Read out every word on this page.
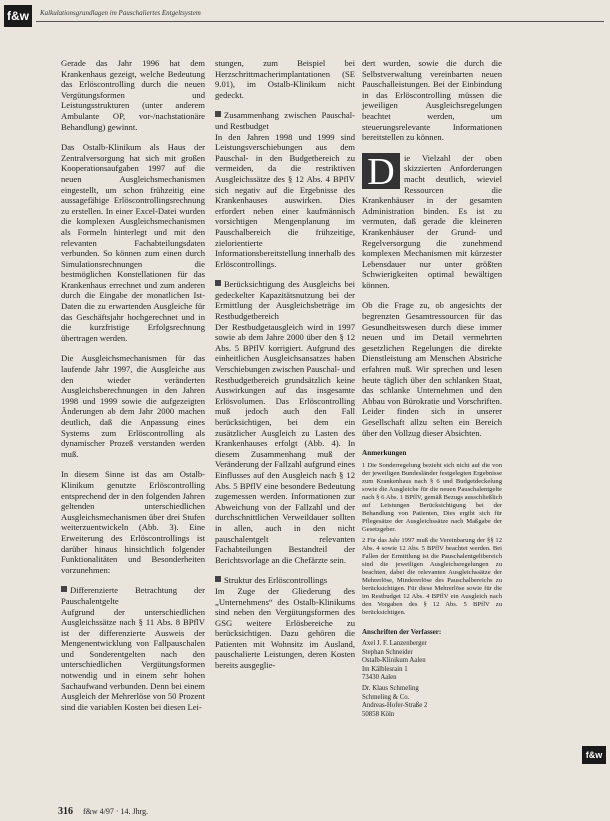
f&w	Kalkulationsgrundlagen im Pauschaliertes Entgeltsystem

Gerade das Jahr 1996 hat dem Krankenhaus gezeigt, welche Bedeutung das Erlöscontrolling durch die neuen Vergütungsformen und Leistungsstrukturen (unter anderem Ambulante OP, vor-/nachstationäre Behandlung) gewinnt.

Das Ostalb-Klinikum als Haus der Zentralversorgung hat sich mit großen Kooperationsaufgaben 1997 auf die neuen Ausgleichsmechanismen eingestellt, um schon frühzeitig eine aussagefähige Erlöscontrollingsrechnung zu erstellen. In einer Excel-Datei wurden die komplexen Ausgleichsmechanismen als Formeln hinterlegt und mit den relevanten Fachabteilungsdaten verbunden. So können zum einen durch Simulationsrechnungen die bestmöglichen Konstellationen für das Krankenhaus errechnet und zum anderen durch die Eingabe der monatlichen Ist-Daten die zu erwartenden Ausgleiche für das Geschäftsjahr hochgerechnet und in die kurzfristige Erfolgsrechnung übertragen werden.

Die Ausgleichsmechanismen für das laufende Jahr 1997, die Ausgleiche aus den wieder veränderten Ausgleichsberechnungen in den Jahren 1998 und 1999 sowie die aufgezeigten Änderungen ab dem Jahr 2000 machen deutlich, daß die Anpassung eines Systems zum Erlöscontrolling als dynamischer Prozeß verstanden werden muß.

In diesem Sinne ist das am Ostalb-Klinikum genutzte Erlöscontrolling entsprechend der in den folgenden Jahren geltenden unterschiedlichen Ausgleichsmechanismen über drei Stufen weiterzuentwickeln (Abb. 3). Eine Erweiterung des Erlöscontrollings ist darüber hinaus hinsichtlich folgender Funktionalitäten und Besonderheiten vorzunehmen:

Differenzierte Betrachtung der Pauschalentgelte

Aufgrund der unterschiedlichen Ausgleichssätze nach § 11 Abs. 8 BPflV ist der differenzierte Ausweis der Mengenentwicklung von Fallpauschalen und Sonderentgelten nach den unterschiedlichen Vergütungsformen notwendig und in einem sehr hohen Sachaufwand verbunden. Denn bei einem Ausgleich der Mehrerlöse von 50 Prozent sind die variablen Kosten bei diesen Lei-

stungen, zum Beispiel bei Herzschrittmacherimplantationen (SE 9.01), im Ostalb-Klinikum nicht gedeckt.

Zusammenhang zwischen Pauschal- und Restbudget

In den Jahren 1998 und 1999 sind Leistungsverschiebungen aus dem Pauschal- in den Budgetbereich zu vermeiden, da die restriktiven Ausgleichssätze des § 12 Abs. 4 BPflV sich negativ auf die Ergebnisse des Krankenhauses auswirken. Dies erfordert neben einer kaufmännisch vorsichtigen Mengenplanung im Pauschalbereich die frühzeitige, zielorientierte Informationsbereitstellung innerhalb des Erlöscontrollings.

Berücksichtigung des Ausgleichs bei gedeckelter Kapazitätsnutzung bei der Ermittlung der Ausgleichsbeträge im Restbudgetbereich

Der Restbudgetausgleich wird in 1997 sowie ab dem Jahre 2000 über den § 12 Abs. 5 BPflV korrigiert. Aufgrund des einheitlichen Ausgleichsansatzes haben Verschiebungen zwischen Pauschal- und Restbudgetbereich grundsätzlich keine Auswirkungen auf das insgesamte Erlösvolumen. Das Erlöscontrolling muß jedoch auch den Fall berücksichtigen, bei dem ein zusätzlicher Ausgleich zu Lasten des Krankenhauses erfolgt (Abb. 4). In diesem Zusammenhang muß der Veränderung der Fallzahl aufgrund eines Einflusses auf den Ausgleich nach § 12 Abs. 5 BPflV eine besondere Bedeutung zugemessen werden. Informationen zur Abweichung von der Fallzahl und der durchschnittlichen Verweildauer sollten in allen, auch in den nicht pauschalentgelt relevanten Fachabteilungen Bestandteil der Berichtsvorlage an die Chefärzte sein.

Struktur des Erlöscontrollings

Im Zuge der Gliederung des „Unternehmens“ des Ostalb-Klinikums sind neben den Vergütungsformen des GSG weitere Erlösbereiche zu berücksichtigen. Dazu gehören die Patienten mit Wohnsitz im Ausland, pauschalierte Leistungen, deren Kosten bereits ausgeglie-

dert wurden, sowie die durch die Selbstverwaltung vereinbarten neuen Pauschalleistungen. Bei der Einbindung in das Erlöscontrolling müssen die jeweiligen Ausgleichsregelungen beachtet werden, um steuerungsrelevante Informationen bereitstellen zu können.

D	ie Vielzahl der oben skizzierten Anforderungen macht deutlich, wieviel Ressourcen die Krankenhäuser in der gesamten Administration binden. Es ist zu vermuten, daß gerade die kleineren Krankenhäuser der Grund- und Regelversorgung die zunehmend komplexen Mechanismen mit kürzester Lebensdauer nur unter größten Schwierigkeiten optimal bewältigen können.

Ob die Frage zu, ob angesichts der begrenzten Gesamtressourcen für das Gesundheitswesen durch diese immer neuen und im Detail vermehrten gesetzlichen Regelungen die direkte Dienstleistung am Menschen Abstriche erfahren muß. Wir sprechen und lesen heute täglich über den schlanken Staat, das schlanke Unternehmen und den Abbau von Bürokratie und Vorschriften. Leider finden sich in unserer Gesellschaft allzu selten ein Bereich über den Vollzug dieser Absichten.

Anmerkungen
1 Die Sonderregelung bezieht sich nicht auf die von der jeweiligen Bundesländer festgelegten Ergebnisse zum Krankenhaus nach § 6 und Budgetdeckelung sowie die Ausgleiche für die neuen Pauschalentgelte nach § 6 Abs. 1 BPflV, gemäß Bezugs ausschließlich auf Leistungen Berücksichtigung bei der Behandlung von Patienten, Dies ergibt sich für Pflegesätze der Ausgleichssätze nach Maßgabe der Gesetzgeber.
2 Für das Jahr 1997 muß die Vereinbarung der §§ 12 Abs. 4 sowie 12 Abs. 5 BPflV beachtet werden. Bei Fallen der Ermittlung ist die Pauschalentgeltbereich sind die jeweiligen Ausgleichsregelungen zu beachten, dabei die relevanten Ausgleichssätze der Mehrerlöse, Mindererlöse des Pauschalbereichs zu berücksichtigen. Für diese Mehrerlöse sowie für die im Restbudget 12 Abs. 4 BPflV ein Ausgleich nach den Vorgaben des § 12 Abs. 5 BPflV zu berücksichtigen.
Anschriften der Verfasser:
Axel J. F. Lanzenberger
Stephan Schneider
Ostalb-Klinikum Aalen
Im Kälblesrain 1
73430 Aalen
Dr. Klaus Schmeling
Schmeling & Co.
Andreas-Hofer-Straße 2
50858 Köln
f&w
316 f&w 4/97 · 14. Jhrg.
